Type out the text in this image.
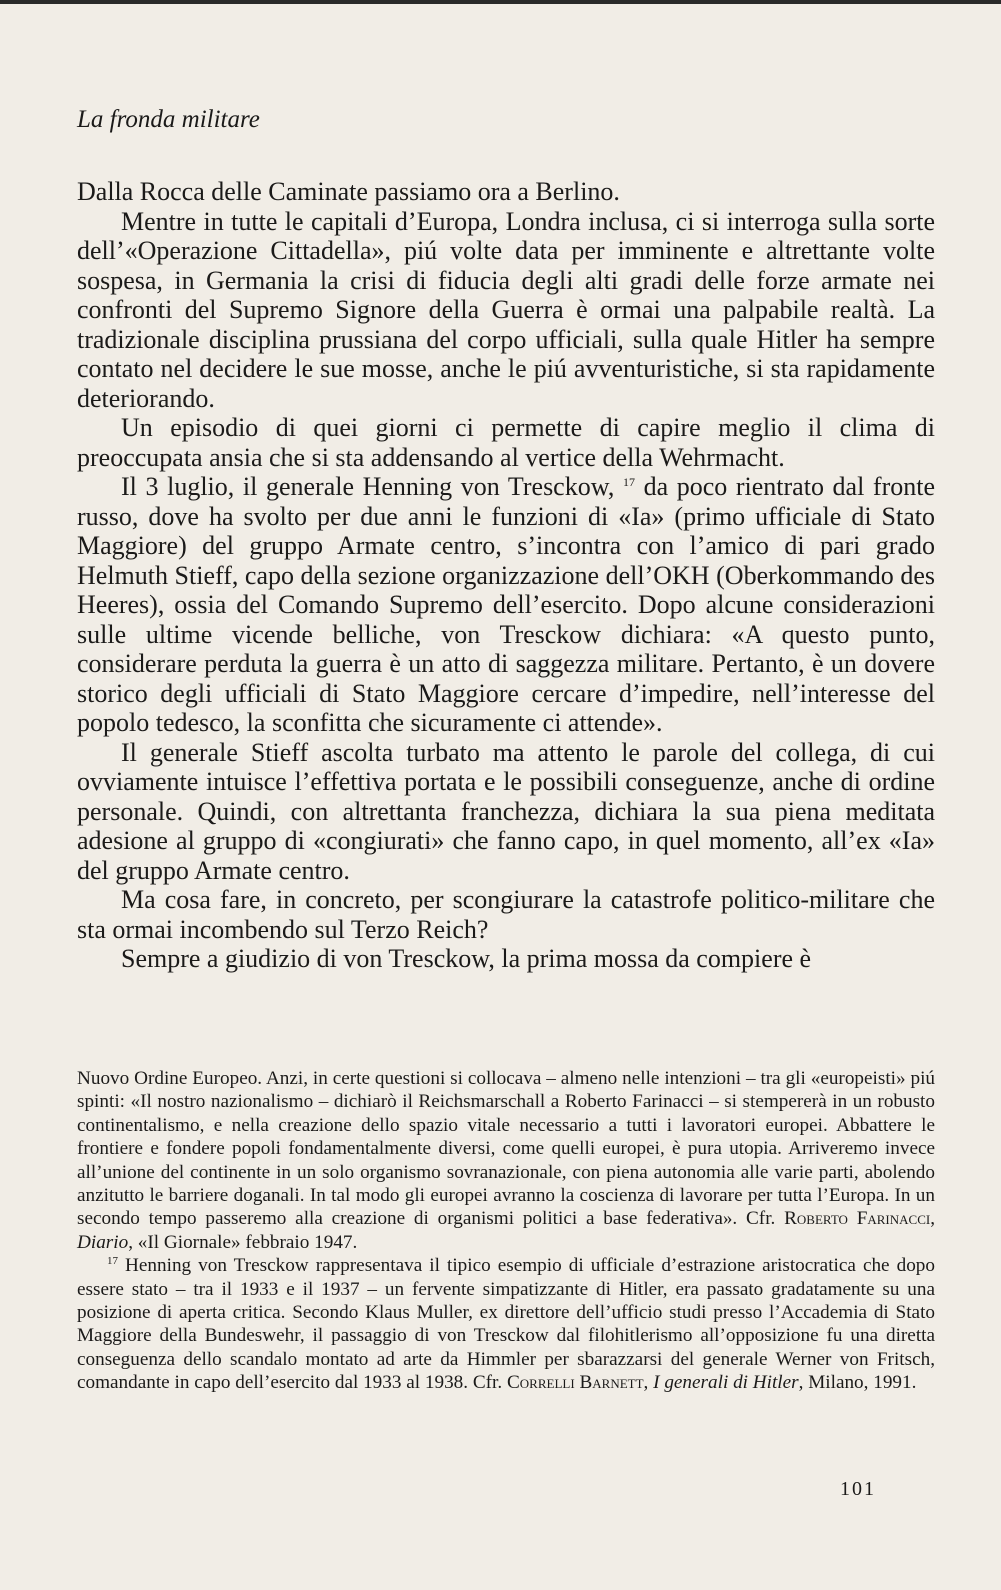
La fronda militare

Dalla Rocca delle Caminate passiamo ora a Berlino.

Mentre in tutte le capitali d’Europa, Londra inclusa, ci si interroga sulla sorte dell’«Operazione Cittadella», piú volte data per imminente e altrettante volte sospesa, in Germania la crisi di fiducia degli alti gradi delle forze armate nei confronti del Supremo Signore della Guerra è ormai una palpabile realtà. La tradizionale disciplina prussiana del corpo ufficiali, sulla quale Hitler ha sempre contato nel decidere le sue mosse, anche le piú avventuristiche, si sta rapidamente deteriorando.

Un episodio di quei giorni ci permette di capire meglio il clima di preoccupata ansia che si sta addensando al vertice della Wehrmacht.

Il 3 luglio, il generale Henning von Tresckow, $^{17}$ da poco rientrato dal fronte russo, dove ha svolto per due anni le funzioni di «Ia» (primo ufficiale di Stato Maggiore) del gruppo Armate centro, s’incontra con l’amico di pari grado Helmuth Stieff, capo della sezione organizzazione dell’OKH (Oberkommando des Heeres), ossia del Comando Supremo dell’esercito. Dopo alcune considerazioni sulle ultime vicende belliche, von Tresckow dichiara: «A questo punto, considerare perduta la guerra è un atto di saggezza militare. Pertanto, è un dovere storico degli ufficiali di Stato Maggiore cercare d’impedire, nell’interesse del popolo tedesco, la sconfitta che sicuramente ci attende».

Il generale Stieff ascolta turbato ma attento le parole del collega, di cui ovviamente intuisce l’effettiva portata e le possibili conseguenze, anche di ordine personale. Quindi, con altrettanta franchezza, dichiara la sua piena meditata adesione al gruppo di «congiurati» che fanno capo, in quel momento, all’ex «Ia» del gruppo Armate centro.

Ma cosa fare, in concreto, per scongiurare la catastrofe politico-militare che sta ormai incombendo sul Terzo Reich?

Sempre a giudizio di von Tresckow, la prima mossa da compiere è

Nuovo Ordine Europeo. Anzi, in certe questioni si collocava – almeno nelle intenzioni – tra gli «europeisti» piú spinti: «Il nostro nazionalismo – dichiarò il Reichsmarschall a Roberto Farinacci – si stempererà in un robusto continentalismo, e nella creazione dello spazio vitale necessario a tutti i lavoratori europei. Abbattere le frontiere e fondere popoli fondamentalmente diversi, come quelli europei, è pura utopia. Arriveremo invece all’unione del continente in un solo organismo sovranazionale, con piena autonomia alle varie parti, abolendo anzitutto le barriere doganali. In tal modo gli europei avranno la coscienza di lavorare per tutta l’Europa. In un secondo tempo passeremo alla creazione di organismi politici a base federativa». Cfr. Roberto Farinacci, Diario, «Il Giornale» febbraio 1947.

$^{17}$ Henning von Tresckow rappresentava il tipico esempio di ufficiale d’estrazione aristocratica che dopo essere stato – tra il 1933 e il 1937 – un fervente simpatizzante di Hitler, era passato gradatamente su una posizione di aperta critica. Secondo Klaus Muller, ex direttore dell’ufficio studi presso l’Accademia di Stato Maggiore della Bundeswehr, il passaggio di von Tresckow dal filohitlerismo all’opposizione fu una diretta conseguenza dello scandalo montato ad arte da Himmler per sbarazzarsi del generale Werner von Fritsch, comandante in capo dell’esercito dal 1933 al 1938. Cfr. Correlli Barnett, I generali di Hitler, Milano, 1991.

101
